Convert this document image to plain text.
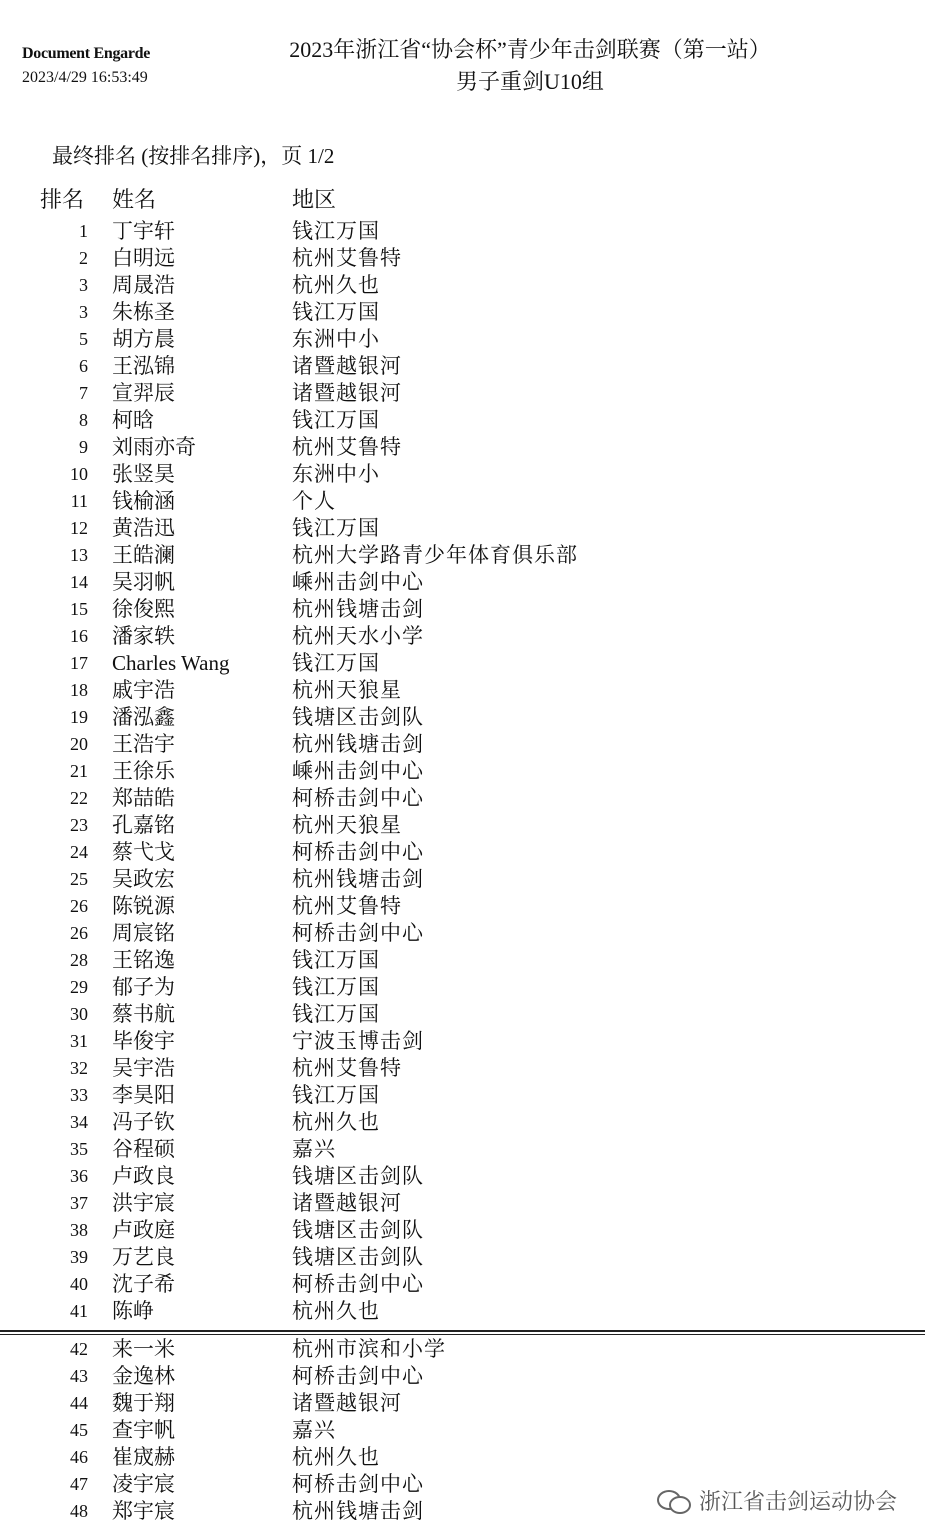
Document Engarde
2023/4/29 16:53:49
2023年浙江省“协会杯”青少年击剑联赛（第一站）
男子重剑U10组
最终排名 (按排名排序)，页 1/2
排名 姓名	地区
1 丁宇轩	钱江万国
2 白明远	杭州艾鲁特
3 周晟浩	杭州久也
3 朱栋圣	钱江万国
5 胡方晨	东洲中小
6 王泓锦	诸暨越银河
7 宣羿辰	诸暨越银河
8 柯晗	钱江万国
9 刘雨亦奇	杭州艾鲁特
10 张竖昊	东洲中小
11 钱榆涵	个人
12 黄浩迅	钱江万国
13 王皓澜	杭州大学路青少年体育俱乐部
14 吴羽帆	嵊州击剑中心
15 徐俊熙	杭州钱塘击剑
16 潘家轶	杭州天水小学
17 Charles Wang	钱江万国
18 戚宇浩	杭州天狼星
19 潘泓鑫	钱塘区击剑队
20 王浩宇	杭州钱塘击剑
21 王徐乐	嵊州击剑中心
22 郑喆皓	柯桥击剑中心
23 孔嘉铭	杭州天狼星
24 蔡弋戈	柯桥击剑中心
25 吴政宏	杭州钱塘击剑
26 陈锐源	杭州艾鲁特
26 周宸铭	柯桥击剑中心
28 王铭逸	钱江万国
29 郁子为	钱江万国
30 蔡书航	钱江万国
31 毕俊宇	宁波玉博击剑
32 吴宇浩	杭州艾鲁特
33 李昊阳	钱江万国
34 冯子钦	杭州久也
35 谷程硕	嘉兴
36 卢政良	钱塘区击剑队
37 洪宇宸	诸暨越银河
38 卢政庭	钱塘区击剑队
39 万艺良	钱塘区击剑队
40 沈子希	柯桥击剑中心
41 陈峥	杭州久也
42 来一米	杭州市滨和小学
43 金逸林	柯桥击剑中心
44 魏于翔	诸暨越银河
45 查宇帆	嘉兴
46 崔宬赫	杭州久也
47 凌宇宸	柯桥击剑中心
48 郑宇宸	杭州钱塘击剑	浙江省击剑运动协会
